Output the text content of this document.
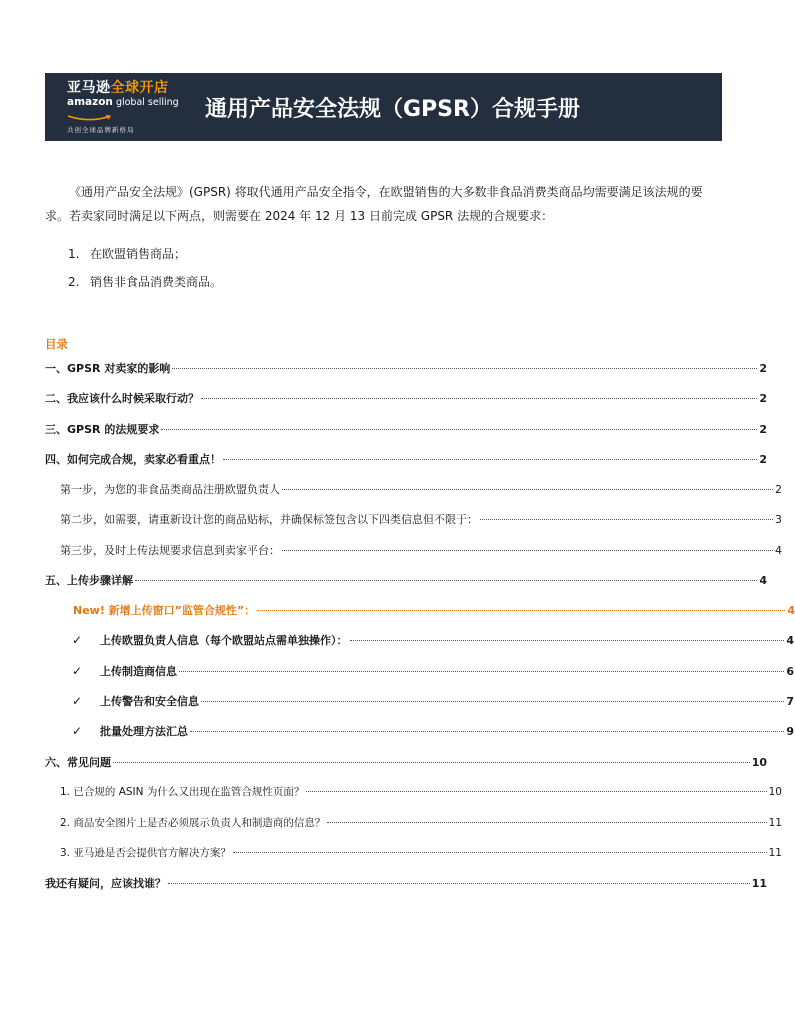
亚马逊全球开店
amazon global selling
共创全球品牌新格局
通用产品安全法规（GPSR）合规手册
《通用产品安全法规》(GPSR) 将取代通用产品安全指令，在欧盟销售的大多数非食品消费类商品均需要满足该法规的要求。若卖家同时满足以下两点，则需要在 2024 年 12 月 13 日前完成 GPSR 法规的合规要求：
1. 在欧盟销售商品；
2. 销售非食品消费类商品。
目录
一、GPSR 对卖家的影响	2
二、我应该什么时候采取行动？	2
三、GPSR 的法规要求	2
四、如何完成合规，卖家必看重点！	2
第一步，为您的非食品类商品注册欧盟负责人	2
第二步，如需要，请重新设计您的商品贴标，并确保标签包含以下四类信息但不限于：	3
第三步，及时上传法规要求信息到卖家平台：	4
五、上传步骤详解	4
New! 新增上传窗口”监管合规性”：	4
✓	上传欧盟负责人信息（每个欧盟站点需单独操作）：	4
✓	上传制造商信息	6
✓	上传警告和安全信息	7
✓	批量处理方法汇总	9
六、常见问题	10
1. 已合规的 ASIN 为什么又出现在监管合规性页面？	10
2. 商品安全图片上是否必须展示负责人和制造商的信息？	11
3. 亚马逊是否会提供官方解决方案？	11
我还有疑问，应该找谁？	11
